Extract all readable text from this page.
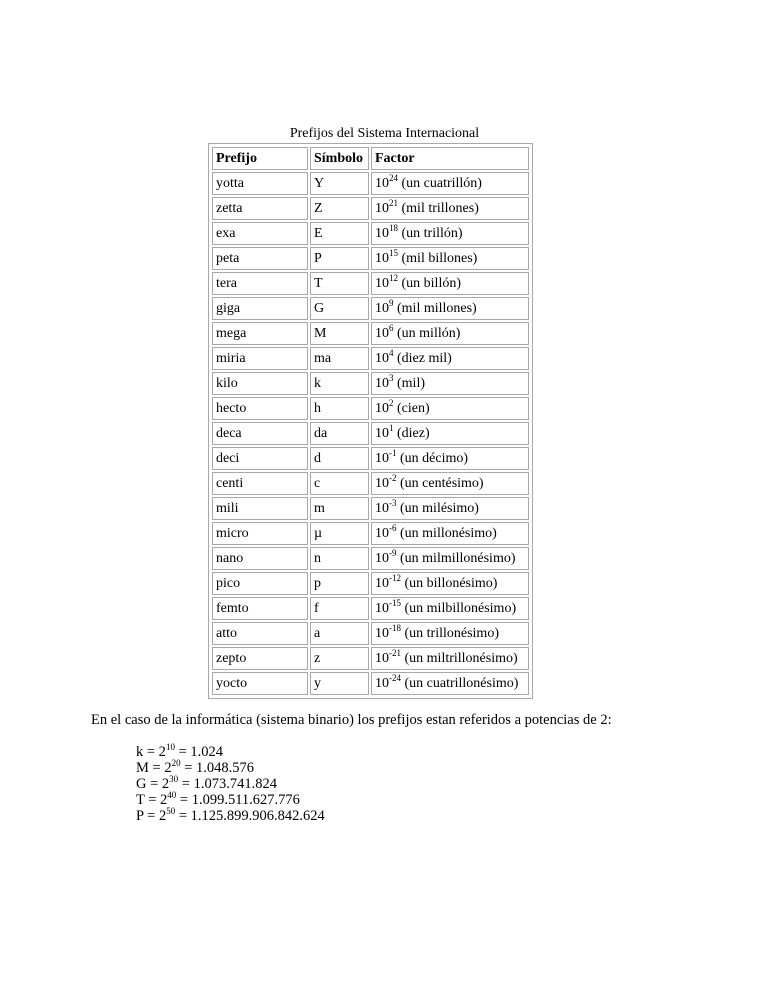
Prefijos del Sistema Internacional
Prefijo	Símbolo	Factor
yotta	Y	$10^{24}$ (un cuatrillón)
zetta	Z	$10^{21}$ (mil trillones)
exa	E	$10^{18}$ (un trillón)
peta	P	$10^{15}$ (mil billones)
tera	T	$10^{12}$ (un billón)
giga	G	$10^9$ (mil millones)
mega	M	$10^6$ (un millón)
miria	ma	$10^4$ (diez mil)
kilo	k	$10^3$ (mil)
hecto	h	$10^2$ (cien)
deca	da	$10^1$ (diez)
deci	d	$10^{-1}$ (un décimo)
centi	c	$10^{-2}$ (un centésimo)
mili	m	$10^{-3}$ (un milésimo)
micro	µ	$10^{-6}$ (un millonésimo)
nano	n	$10^{-9}$ (un milmillonésimo)
pico	p	$10^{-12}$ (un billonésimo)
femto	f	$10^{-15}$ (un milbillonésimo)
atto	a	$10^{-18}$ (un trillonésimo)
zepto	z	$10^{-21}$ (un miltrillonésimo)
yocto	y	$10^{-24}$ (un cuatrillonésimo)
En el caso de la informática (sistema binario) los prefijos estan referidos a potencias de 2:
$k = 2^{10} = 1.024$
$M = 2^{20} = 1.048.576$
$G = 2^{30} = 1.073.741.824$
$T = 2^{40} = 1.099.511.627.776$
$P = 2^{50} = 1.125.899.906.842.624$
